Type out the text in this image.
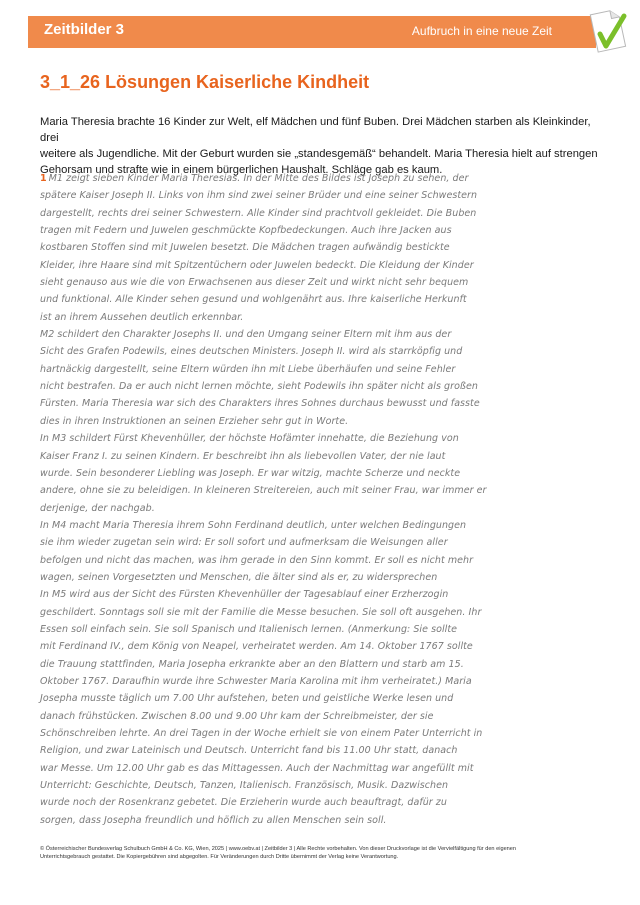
Zeitbilder 3	Aufbruch in eine neue Zeit
3_1_26 Lösungen Kaiserliche Kindheit

Maria Theresia brachte 16 Kinder zur Welt, elf Mädchen und fünf Buben. Drei Mädchen starben als Kleinkinder, drei
weitere als Jugendliche. Mit der Geburt wurden sie „standesgemäß“ behandelt. Maria Theresia hielt auf strengen
Gehorsam und strafte wie in einem bürgerlichen Haushalt. Schläge gab es kaum.

1 M1 zeigt sieben Kinder Maria Theresias. In der Mitte des Bildes ist Joseph zu sehen, der
spätere Kaiser Joseph II. Links von ihm sind zwei seiner Brüder und eine seiner Schwestern
dargestellt, rechts drei seiner Schwestern. Alle Kinder sind prachtvoll gekleidet. Die Buben
tragen mit Federn und Juwelen geschmückte Kopfbedeckungen. Auch ihre Jacken aus
kostbaren Stoffen sind mit Juwelen besetzt. Die Mädchen tragen aufwändig bestickte
Kleider, ihre Haare sind mit Spitzentüchern oder Juwelen bedeckt. Die Kleidung der Kinder
sieht genauso aus wie die von Erwachsenen aus dieser Zeit und wirkt nicht sehr bequem
und funktional. Alle Kinder sehen gesund und wohlgenährt aus. Ihre kaiserliche Herkunft
ist an ihrem Aussehen deutlich erkennbar.
M2 schildert den Charakter Josephs II. und den Umgang seiner Eltern mit ihm aus der
Sicht des Grafen Podewils, eines deutschen Ministers. Joseph II. wird als starrköpfig und
hartnäckig dargestellt, seine Eltern würden ihn mit Liebe überhäufen und seine Fehler
nicht bestrafen. Da er auch nicht lernen möchte, sieht Podewils ihn später nicht als großen
Fürsten. Maria Theresia war sich des Charakters ihres Sohnes durchaus bewusst und fasste
dies in ihren Instruktionen an seinen Erzieher sehr gut in Worte.
In M3 schildert Fürst Khevenhüller, der höchste Hofämter innehatte, die Beziehung von
Kaiser Franz I. zu seinen Kindern. Er beschreibt ihn als liebevollen Vater, der nie laut
wurde. Sein besonderer Liebling was Joseph. Er war witzig, machte Scherze und neckte
andere, ohne sie zu beleidigen. In kleineren Streitereien, auch mit seiner Frau, war immer er
derjenige, der nachgab.
In M4 macht Maria Theresia ihrem Sohn Ferdinand deutlich, unter welchen Bedingungen
sie ihm wieder zugetan sein wird: Er soll sofort und aufmerksam die Weisungen aller
befolgen und nicht das machen, was ihm gerade in den Sinn kommt. Er soll es nicht mehr
wagen, seinen Vorgesetzten und Menschen, die älter sind als er, zu widersprechen
In M5 wird aus der Sicht des Fürsten Khevenhüller der Tagesablauf einer Erzherzogin
geschildert. Sonntags soll sie mit der Familie die Messe besuchen. Sie soll oft ausgehen. Ihr
Essen soll einfach sein. Sie soll Spanisch und Italienisch lernen. (Anmerkung: Sie sollte
mit Ferdinand IV., dem König von Neapel, verheiratet werden. Am 14. Oktober 1767 sollte
die Trauung stattfinden, Maria Josepha erkrankte aber an den Blattern und starb am 15.
Oktober 1767. Daraufhin wurde ihre Schwester Maria Karolina mit ihm verheiratet.) Maria
Josepha musste täglich um 7.00 Uhr aufstehen, beten und geistliche Werke lesen und
danach frühstücken. Zwischen 8.00 und 9.00 Uhr kam der Schreibmeister, der sie
Schönschreiben lehrte. An drei Tagen in der Woche erhielt sie von einem Pater Unterricht in
Religion, und zwar Lateinisch und Deutsch. Unterricht fand bis 11.00 Uhr statt, danach
war Messe. Um 12.00 Uhr gab es das Mittagessen. Auch der Nachmittag war angefüllt mit
Unterricht: Geschichte, Deutsch, Tanzen, Italienisch. Französisch, Musik. Dazwischen
wurde noch der Rosenkranz gebetet. Die Erzieherin wurde auch beauftragt, dafür zu
sorgen, dass Josepha freundlich und höflich zu allen Menschen sein soll.

© Österreichischer Bundesverlag Schulbuch GmbH & Co. KG, Wien, 2025 | www.oebv.at | Zeitbilder 3 | Alle Rechte vorbehalten. Von dieser Druckvorlage ist die Vervielfältigung für den eigenen
Unterrichtsgebrauch gestattet. Die Kopiergebühren sind abgegolten. Für Veränderungen durch Dritte übernimmt der Verlag keine Verantwortung.
